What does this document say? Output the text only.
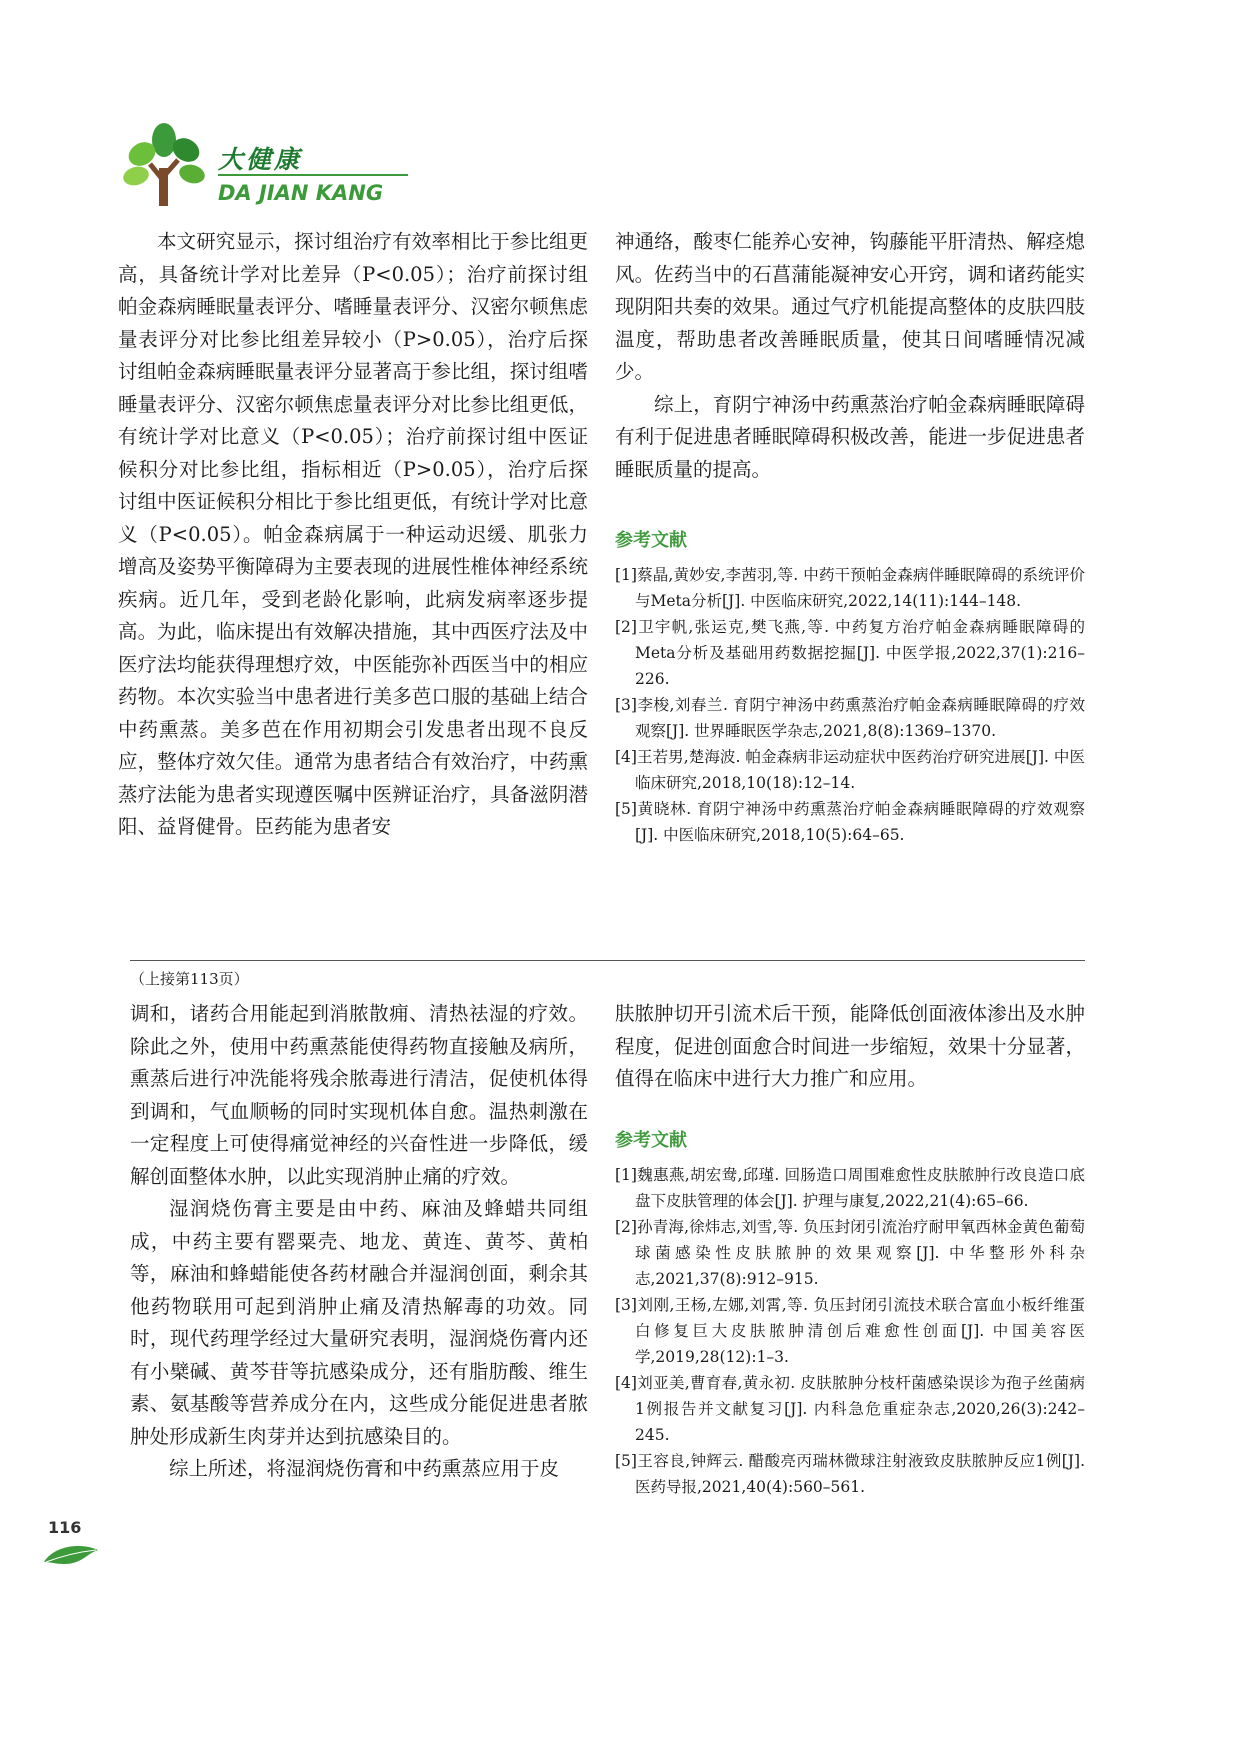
大健康
DA JIAN KANG

本文研究显示，探讨组治疗有效率相比于参比组更高，具备统计学对比差异（P<0.05）；治疗前探讨组帕金森病睡眠量表评分、嗜睡量表评分、汉密尔顿焦虑量表评分对比参比组差异较小（P>0.05），治疗后探讨组帕金森病睡眠量表评分显著高于参比组，探讨组嗜睡量表评分、汉密尔顿焦虑量表评分对比参比组更低，有统计学对比意义（P<0.05）；治疗前探讨组中医证候积分对比参比组，指标相近（P>0.05），治疗后探讨组中医证候积分相比于参比组更低，有统计学对比意义（P<0.05）。帕金森病属于一种运动迟缓、肌张力增高及姿势平衡障碍为主要表现的进展性椎体神经系统疾病。近几年，受到老龄化影响，此病发病率逐步提高。为此，临床提出有效解决措施，其中西医疗法及中医疗法均能获得理想疗效，中医能弥补西医当中的相应药物。本次实验当中患者进行美多芭口服的基础上结合中药熏蒸。美多芭在作用初期会引发患者出现不良反应，整体疗效欠佳。通常为患者结合有效治疗，中药熏蒸疗法能为患者实现遵医嘱中医辨证治疗，具备滋阴潜阳、益肾健骨。臣药能为患者安

神通络，酸枣仁能养心安神，钩藤能平肝清热、解痉熄风。佐药当中的石菖蒲能凝神安心开窍，调和诸药能实现阴阳共奏的效果。通过气疗机能提高整体的皮肤四肢温度，帮助患者改善睡眠质量，使其日间嗜睡情况减少。

综上，育阴宁神汤中药熏蒸治疗帕金森病睡眠障碍有利于促进患者睡眠障碍积极改善，能进一步促进患者睡眠质量的提高。

参考文献

[1]蔡晶,黄妙安,李茜羽,等. 中药干预帕金森病伴睡眠障碍的系统评价与Meta分析[J]. 中医临床研究,2022,14(11):144–148.
[2]卫宇帆,张运克,樊飞燕,等. 中药复方治疗帕金森病睡眠障碍的Meta分析及基础用药数据挖掘[J]. 中医学报,2022,37(1):216–226.
[3]李梭,刘春兰. 育阴宁神汤中药熏蒸治疗帕金森病睡眠障碍的疗效观察[J]. 世界睡眠医学杂志,2021,8(8):1369–1370.
[4]王若男,楚海波. 帕金森病非运动症状中医药治疗研究进展[J]. 中医临床研究,2018,10(18):12–14.
[5]黄晓林. 育阴宁神汤中药熏蒸治疗帕金森病睡眠障碍的疗效观察[J]. 中医临床研究,2018,10(5):64–65.
（上接第113页）

调和，诸药合用能起到消脓散痈、清热祛湿的疗效。除此之外，使用中药熏蒸能使得药物直接触及病所，熏蒸后进行冲洗能将残余脓毒进行清洁，促使机体得到调和，气血顺畅的同时实现机体自愈。温热刺激在一定程度上可使得痛觉神经的兴奋性进一步降低，缓解创面整体水肿，以此实现消肿止痛的疗效。

湿润烧伤膏主要是由中药、麻油及蜂蜡共同组成，中药主要有罂粟壳、地龙、黄连、黄芩、黄柏等，麻油和蜂蜡能使各药材融合并湿润创面，剩余其他药物联用可起到消肿止痛及清热解毒的功效。同时，现代药理学经过大量研究表明，湿润烧伤膏内还有小檗碱、黄芩苷等抗感染成分，还有脂肪酸、维生素、氨基酸等营养成分在内，这些成分能促进患者脓肿处形成新生肉芽并达到抗感染目的。

综上所述，将湿润烧伤膏和中药熏蒸应用于皮

肤脓肿切开引流术后干预，能降低创面液体渗出及水肿程度，促进创面愈合时间进一步缩短，效果十分显著，值得在临床中进行大力推广和应用。

参考文献

[1]魏惠燕,胡宏鸯,邱瑾. 回肠造口周围难愈性皮肤脓肿行改良造口底盘下皮肤管理的体会[J]. 护理与康复,2022,21(4):65–66.
[2]孙青海,徐炜志,刘雪,等. 负压封闭引流治疗耐甲氧西林金黄色葡萄球菌感染性皮肤脓肿的效果观察[J]. 中华整形外科杂志,2021,37(8):912–915.
[3]刘刚,王杨,左娜,刘霄,等. 负压封闭引流技术联合富血小板纤维蛋白修复巨大皮肤脓肿清创后难愈性创面[J]. 中国美容医学,2019,28(12):1–3.
[4]刘亚美,曹育春,黄永初. 皮肤脓肿分枝杆菌感染误诊为孢子丝菌病1例报告并文献复习[J]. 内科急危重症杂志,2020,26(3):242–245.
[5]王容良,钟辉云. 醋酸亮丙瑞林微球注射液致皮肤脓肿反应1例[J]. 医药导报,2021,40(4):560–561.
116
